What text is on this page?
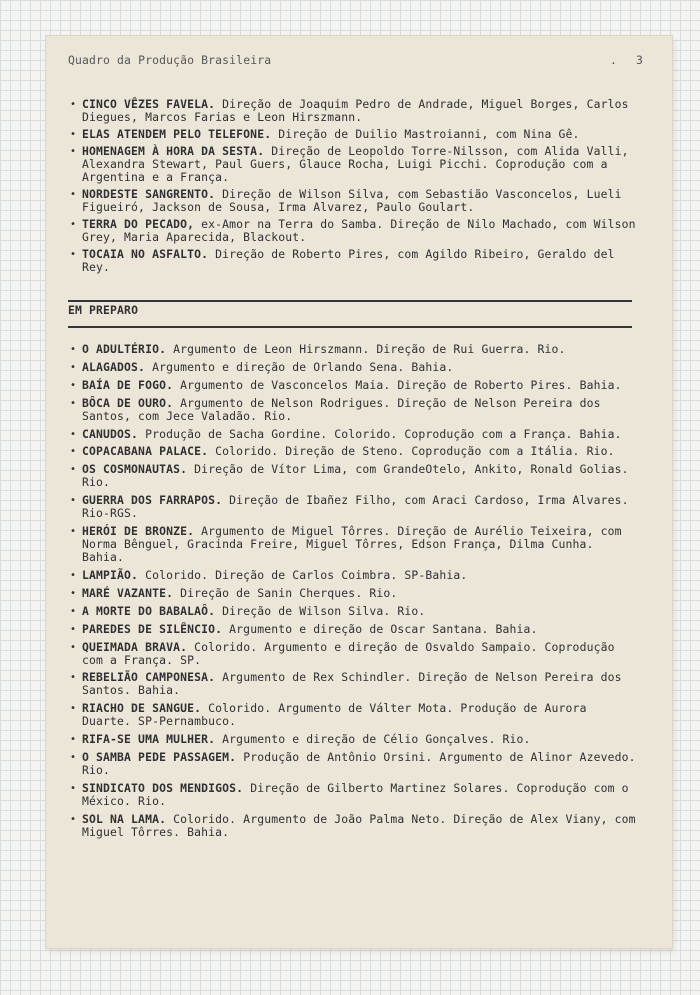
Quadro da Produção Brasileira
.	3
• CINCO VÊZES FAVELA. Direção de Joaquim Pedro de Andrade, Miguel Borges, Carlos Diegues, Marcos Farias e Leon Hirszmann.
• ELAS ATENDEM PELO TELEFONE. Direção de Duilio Mastroianni, com Nina Gê.
• HOMENAGEM À HORA DA SESTA. Direção de Leopoldo Torre-Nilsson, com Alida Valli, Alexandra Stewart, Paul Guers, Glauce Rocha, Luigi Picchi. Coprodução com a Argentina e a França.
• NORDESTE SANGRENTO. Direção de Wilson Silva, com Sebastião Vasconcelos, Lueli Figueiró, Jackson de Sousa, Irma Alvarez, Paulo Goulart.
• TERRA DO PECADO, ex-Amor na Terra do Samba. Direção de Nilo Machado, com Wilson Grey, Maria Aparecida, Blackout.
• TOCAIA NO ASFALTO. Direção de Roberto Pires, com Agildo Ribeiro, Geraldo del Rey.
EM PREPARO
• O ADULTÉRIO. Argumento de Leon Hirszmann. Direção de Rui Guerra. Rio.
• ALAGADOS. Argumento e direção de Orlando Sena. Bahia.
• BAÍA DE FOGO. Argumento de Vasconcelos Maia. Direção de Roberto Pires. Bahia.
• BÔCA DE OURO. Argumento de Nelson Rodrigues. Direção de Nelson Pereira dos Santos, com Jece Valadão. Rio.
• CANUDOS. Produção de Sacha Gordine. Colorido. Coprodução com a França. Bahia.
• COPACABANA PALACE. Colorido. Direção de Steno. Coprodução com a Itália. Rio.
• OS COSMONAUTAS. Direção de Vítor Lima, com GrandeOtelo, Ankito, Ronald Golias. Rio.
• GUERRA DOS FARRAPOS. Direção de Ibañez Filho, com Araci Cardoso, Irma Alvares. Rio-RGS.
• HERÓI DE BRONZE. Argumento de Miguel Tôrres. Direção de Aurélio Teixeira, com Norma Bênguel, Gracinda Freire, Miguel Tôrres, Edson França, Dilma Cunha. Bahia.
• LAMPIÃO. Colorido. Direção de Carlos Coimbra. SP-Bahia.
• MARÉ VAZANTE. Direção de Sanin Cherques. Rio.
• A MORTE DO BABALAÔ. Direção de Wilson Silva. Rio.
• PAREDES DE SILÊNCIO. Argumento e direção de Oscar Santana. Bahia.
• QUEIMADA BRAVA. Colorido. Argumento e direção de Osvaldo Sampaio. Coprodução com a França. SP.
• REBELIÃO CAMPONESA. Argumento de Rex Schindler. Direção de Nelson Pereira dos Santos. Bahia.
• RIACHO DE SANGUE. Colorido. Argumento de Válter Mota. Produção de Aurora Duarte. SP-Pernambuco.
• RIFA-SE UMA MULHER. Argumento e direção de Célio Gonçalves. Rio.
• O SAMBA PEDE PASSAGEM. Produção de Antônio Orsini. Argumento de Alinor Azevedo. Rio.
• SINDICATO DOS MENDIGOS. Direção de Gilberto Martinez Solares. Coprodução com o México. Rio.
• SOL NA LAMA. Colorido. Argumento de João Palma Neto. Direção de Alex Viany, com Miguel Tôrres. Bahia.
